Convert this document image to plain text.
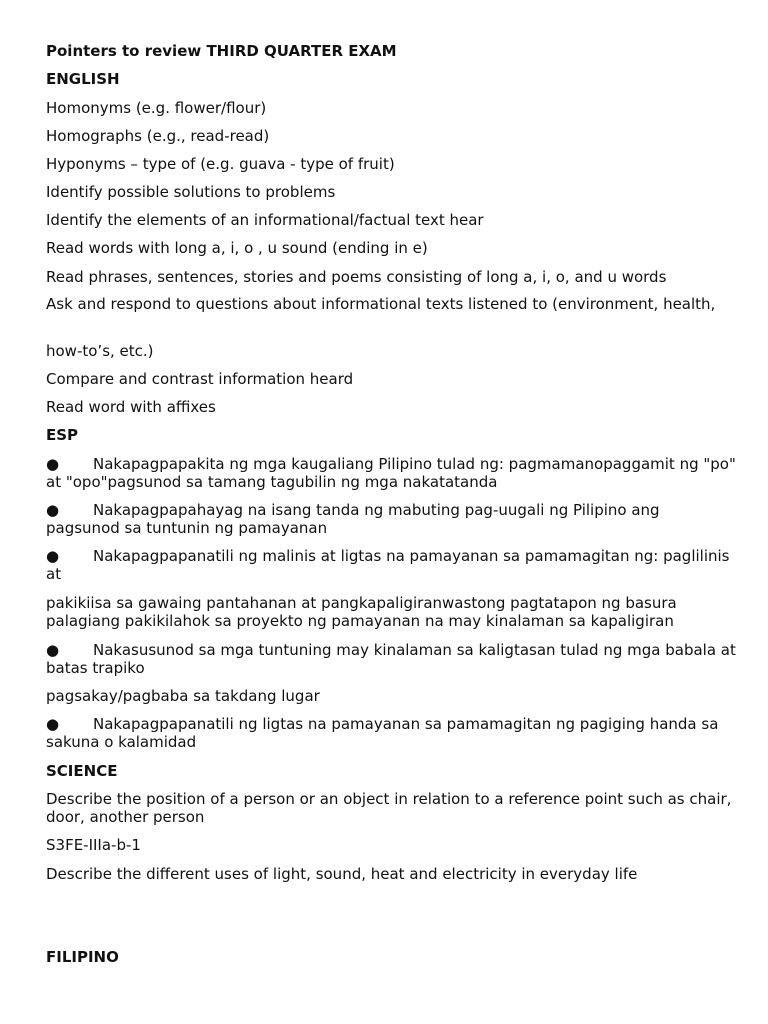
Pointers to review THIRD QUARTER EXAM

ENGLISH

Homonyms (e.g. flower/flour)

Homographs (e.g., read-read)

Hyponyms – type of (e.g. guava - type of fruit)

Identify possible solutions to problems

Identify the elements of an informational/factual text hear

Read words with long a, i, o , u sound (ending in e)

Read phrases, sentences, stories and poems consisting of long a, i, o, and u words

Ask and respond to questions about informational texts listened to (environment, health,

how-to’s, etc.)

Compare and contrast information heard

Read word with affixes

ESP

● Nakapagpapakita ng mga kaugaliang Pilipino tulad ng: pagmamanopaggamit ng "po" at "opo"pagsunod sa tamang tagubilin ng mga nakatatanda

● Nakapagpapahayag na isang tanda ng mabuting pag-uugali ng Pilipino ang pagsunod sa tuntunin ng pamayanan

● Nakapagpapanatili ng malinis at ligtas na pamayanan sa pamamagitan ng: paglilinis at

pakikiisa sa gawaing pantahanan at pangkapaligiranwastong pagtatapon ng basura palagiang pakikilahok sa proyekto ng pamayanan na may kinalaman sa kapaligiran

● Nakasusunod sa mga tuntuning may kinalaman sa kaligtasan tulad ng mga babala at batas trapiko

pagsakay/pagbaba sa takdang lugar

● Nakapagpapanatili ng ligtas na pamayanan sa pamamagitan ng pagiging handa sa sakuna o kalamidad

SCIENCE

Describe the position of a person or an object in relation to a reference point such as chair, door, another person

S3FE-IIIa-b-1

Describe the different uses of light, sound, heat and electricity in everyday life

FILIPINO
